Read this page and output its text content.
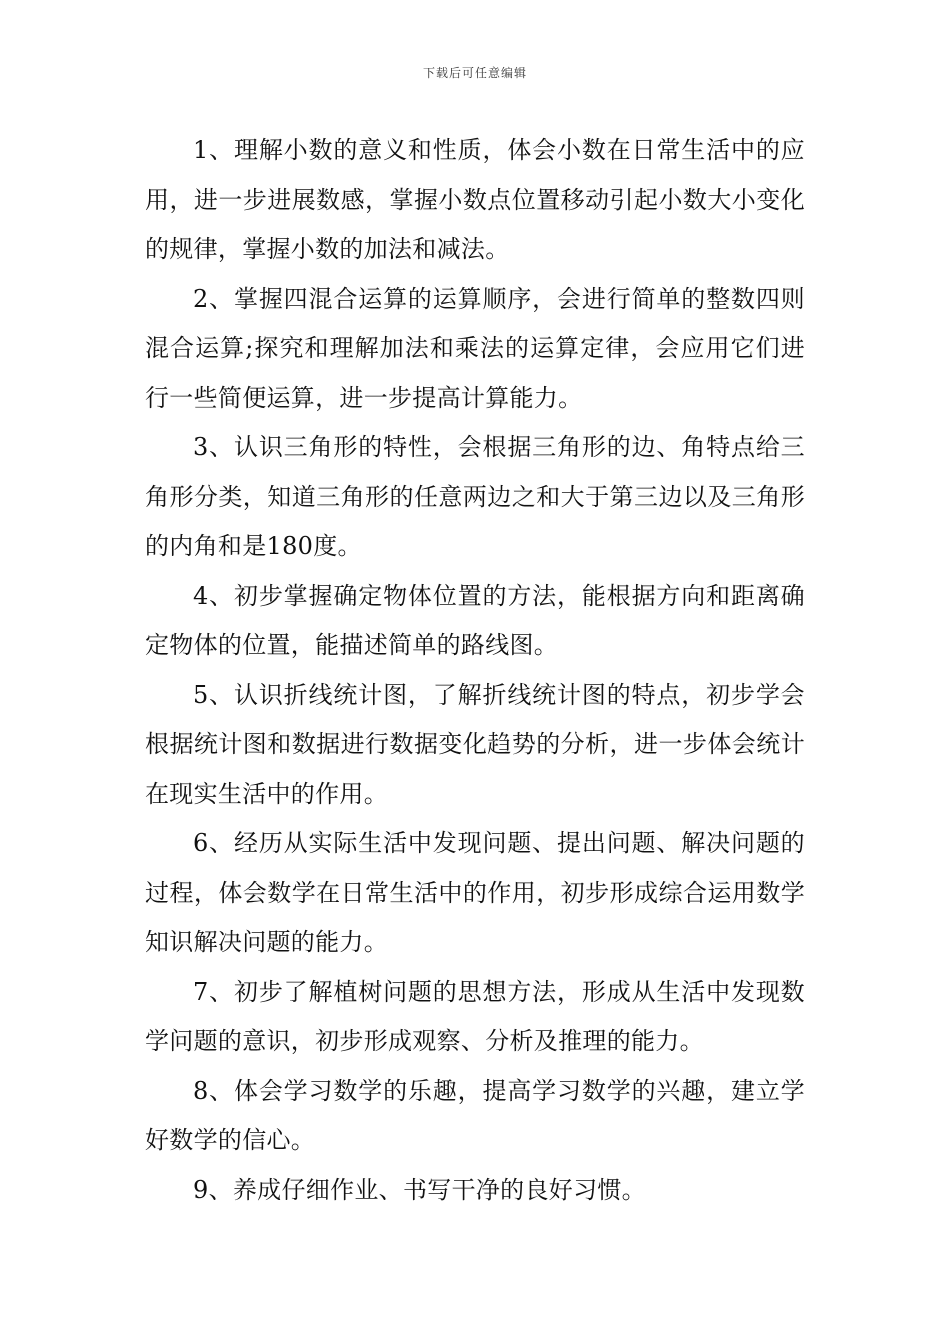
下载后可任意编辑

1、理解小数的意义和性质，体会小数在日常生活中的应用，进一步进展数感，掌握小数点位置移动引起小数大小变化的规律，掌握小数的加法和减法。

2、掌握四混合运算的运算顺序，会进行简单的整数四则混合运算;探究和理解加法和乘法的运算定律，会应用它们进行一些简便运算，进一步提高计算能力。

3、认识三角形的特性，会根据三角形的边、角特点给三角形分类，知道三角形的任意两边之和大于第三边以及三角形的内角和是180度。

4、初步掌握确定物体位置的方法，能根据方向和距离确定物体的位置，能描述简单的路线图。

5、认识折线统计图，了解折线统计图的特点，初步学会根据统计图和数据进行数据变化趋势的分析，进一步体会统计在现实生活中的作用。

6、经历从实际生活中发现问题、提出问题、解决问题的过程，体会数学在日常生活中的作用，初步形成综合运用数学知识解决问题的能力。

7、初步了解植树问题的思想方法，形成从生活中发现数学问题的意识，初步形成观察、分析及推理的能力。

8、体会学习数学的乐趣，提高学习数学的兴趣，建立学好数学的信心。

9、养成仔细作业、书写干净的良好习惯。
